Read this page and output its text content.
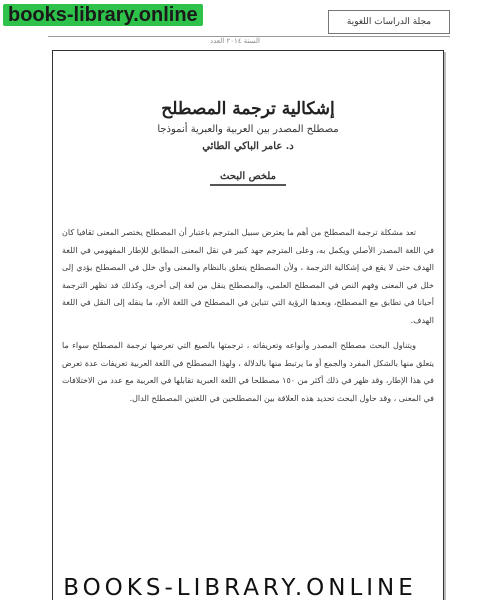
books-library.online	مجلة الدراسات اللغوية
السنة ٢٠١٤ العدد
إشكالية ترجمة المصطلح
مصطلح المصدر بين العربية والعبرية أنموذجا
د. عامر الباكي الطائي
ملخص البحث

تعد مشكلة ترجمة المصطلح من أهم ما يعترض سبيل المترجم باعتبار أن المصطلح يختصر المعنى ثقافيا كان في اللغة المصدر الأصلي ويكمل به، وعلى المترجم جهد كبير في نقل المعنى المطابق للإطار المفهومي في اللغة الهدف حتى لا يقع في إشكالية الترجمة ، ولأن المصطلح يتعلق بالنظام والمعنى وأي خلل في المصطلح يؤدي إلى خلل في المعنى وفهم النص في المصطلح العلمي، والمصطلح ينقل من لغة إلى أخرى، وكذلك قد تظهر الترجمة أحيانا في تطابق مع المصطلح، وبعدها الرؤية التي تتباين في المصطلح في اللغة الأم، ما ينقله إلى النقل في اللغة الهدف.

ويتناول البحث مصطلح المصدر وأنواعه وتعريفاته ، ترجمتها بالصيغ التي تعرضها ترجمة المصطلح سواء ما يتعلق منها بالشكل المفرد والجمع أو ما يرتبط منها بالدلالة ، ولهذا المصطلح في اللغة العربية تعريفات عدة تعرض في هذا الإطار، وقد ظهر في ذلك أكثر من ١٥٠ مصطلحا في اللغة العبرية تقابلها في العربية مع عدد من الاختلافات في المعنى ، وقد حاول البحث تحديد هذه العلاقة بين المصطلحين في اللغتين المصطلح الدال.

BOOKS-LIBRARY.ONLINE
